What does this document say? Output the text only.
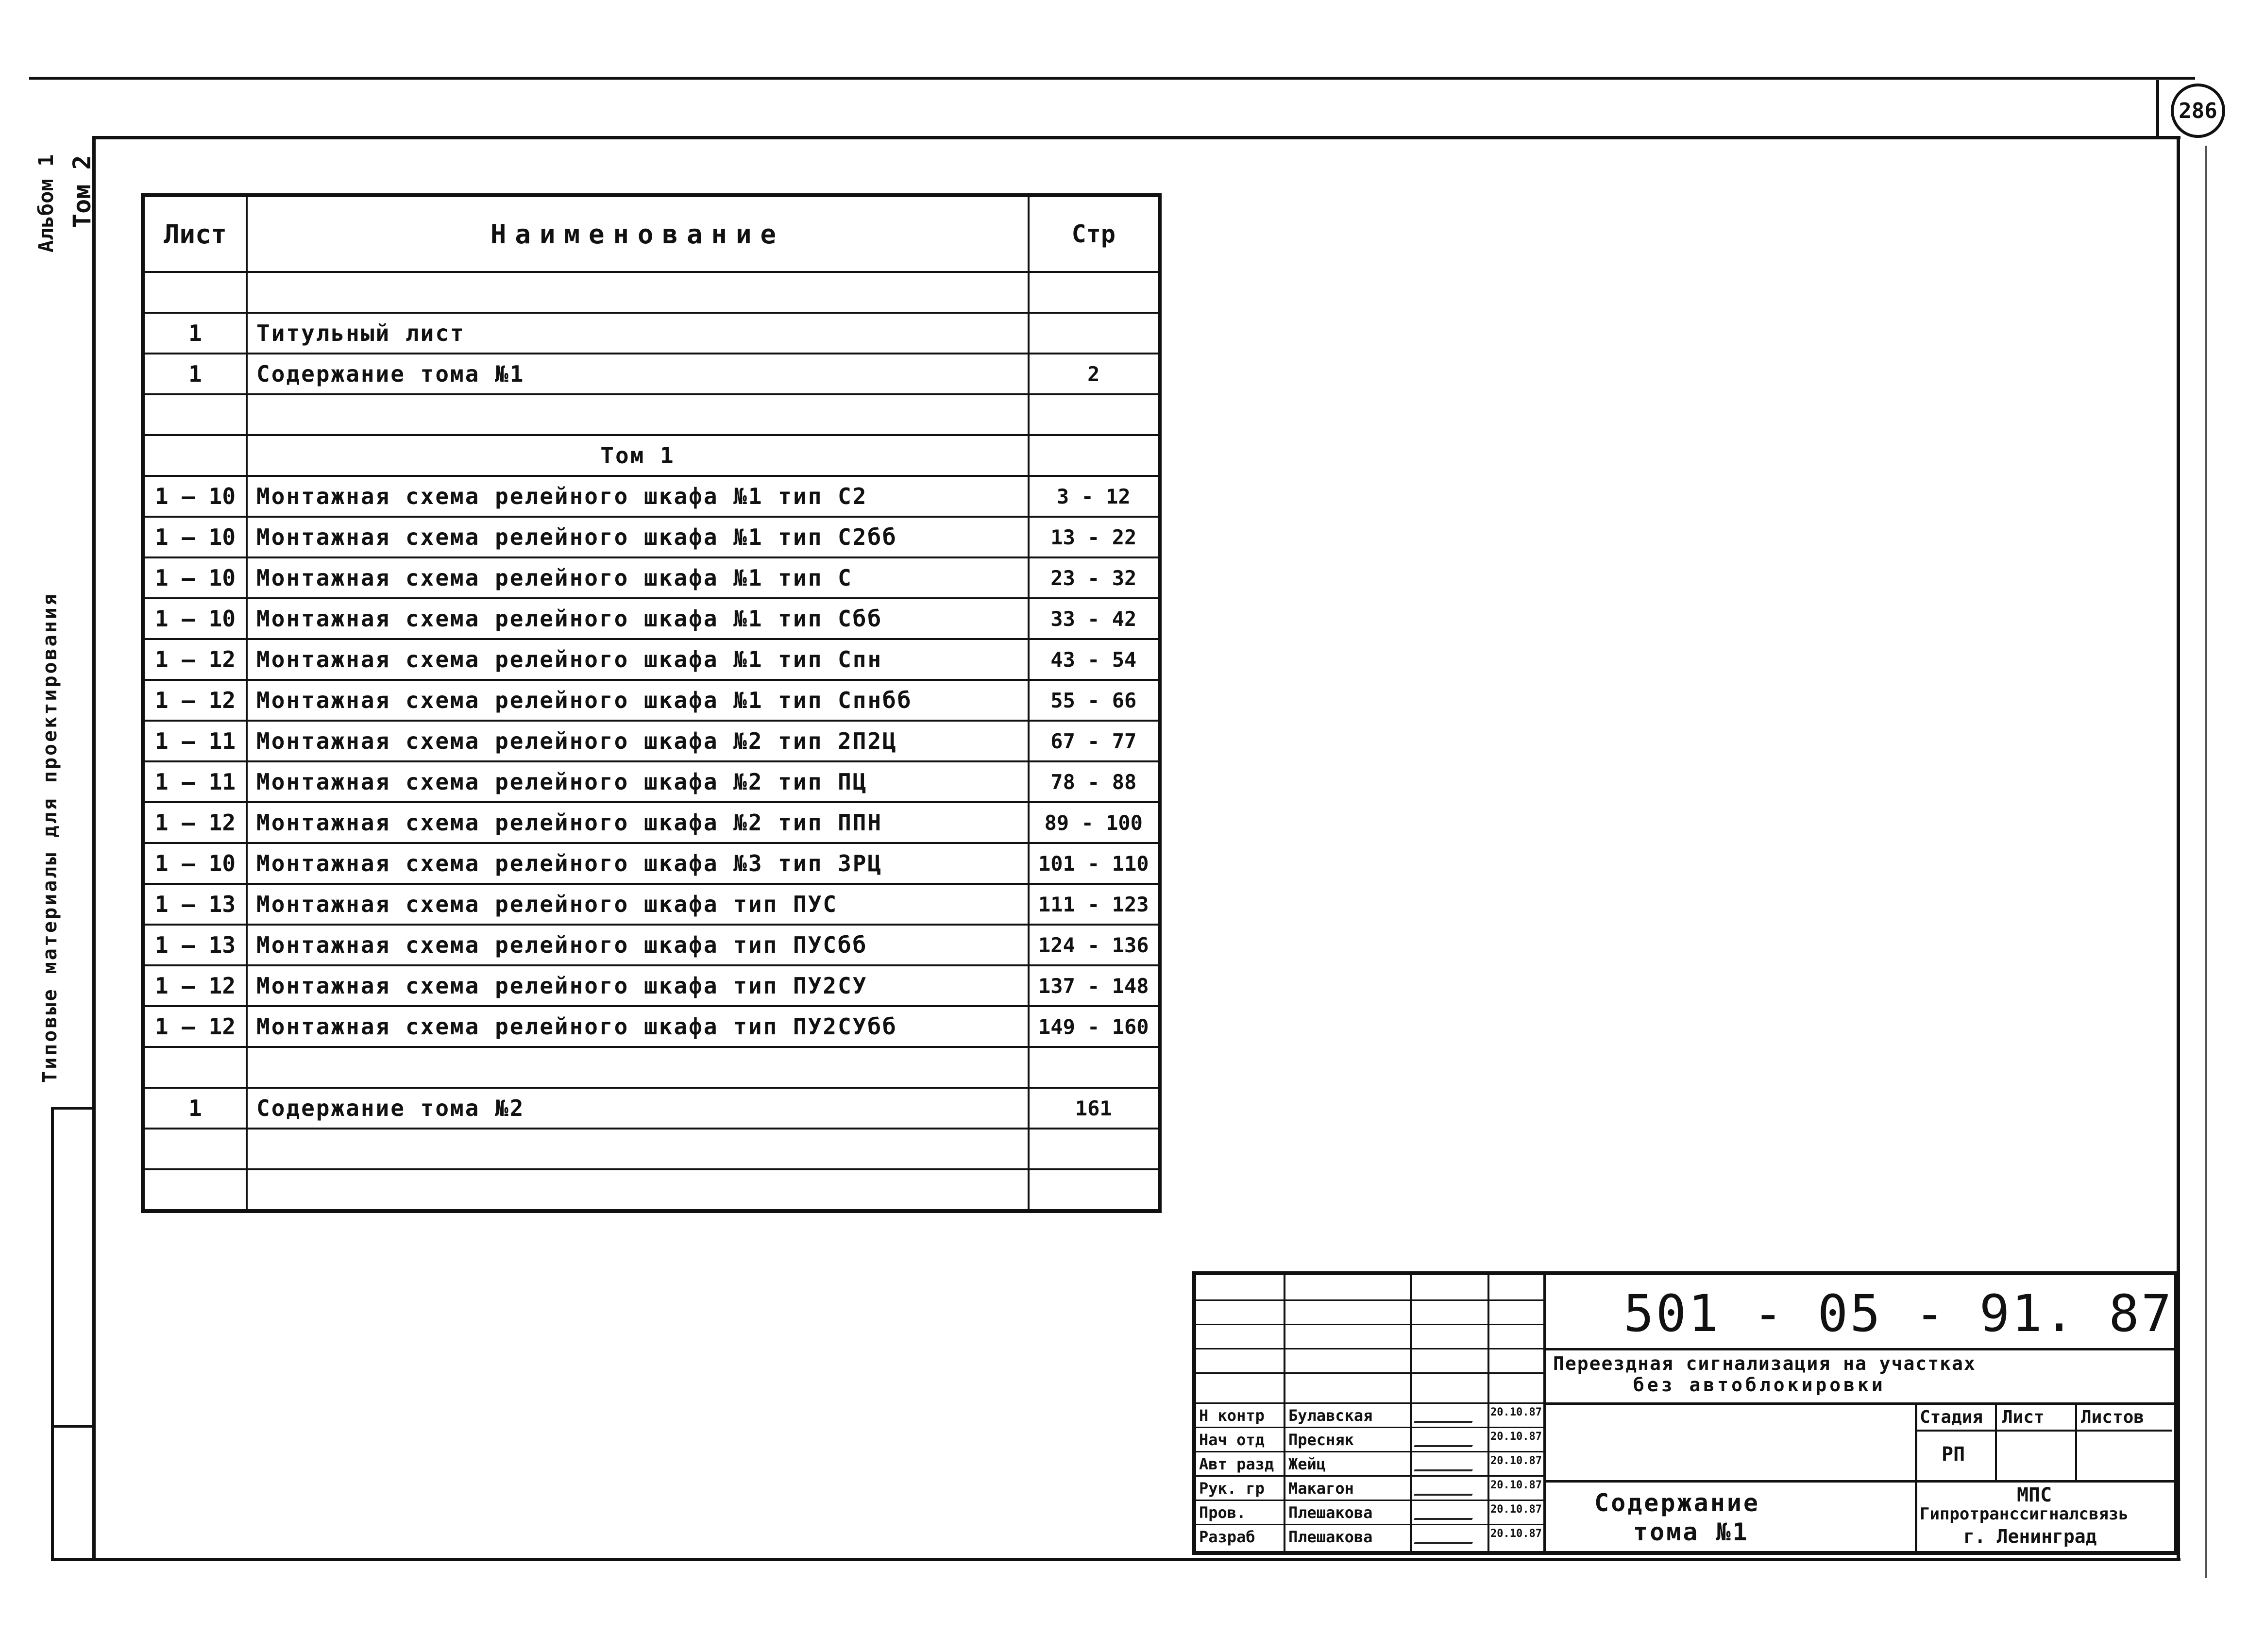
286
Альбом 1 Том 2
Типовые материалы для проектирования
Лист	Наименование	Стр

1	Титульный лист	
1	Содержание тома №1	2

	Том 1	
1 – 10	Монтажная схема релейного шкафа №1 тип С2	3 - 12
1 – 10	Монтажная схема релейного шкафа №1 тип С2бб	13 - 22
1 – 10	Монтажная схема релейного шкафа №1 тип С	23 - 32
1 – 10	Монтажная схема релейного шкафа №1 тип Сбб	33 - 42
1 – 12	Монтажная схема релейного шкафа №1 тип Спн	43 - 54
1 – 12	Монтажная схема релейного шкафа №1 тип Спнбб	55 - 66
1 – 11	Монтажная схема релейного шкафа №2 тип 2П2Ц	67 - 77
1 – 11	Монтажная схема релейного шкафа №2 тип ПЦ	78 - 88
1 – 12	Монтажная схема релейного шкафа №2 тип ППН	89 - 100
1 – 10	Монтажная схема релейного шкафа №3 тип 3РЦ	101 - 110
1 – 13	Монтажная схема релейного шкафа тип ПУС	111 - 123
1 – 13	Монтажная схема релейного шкафа тип ПУСбб	124 - 136
1 – 12	Монтажная схема релейного шкафа тип ПУ2СУ	137 - 148
1 – 12	Монтажная схема релейного шкафа тип ПУ2СУбб	149 - 160

1	Содержание тома №2	161

501 - 05 - 91. 87
Переездная сигнализация на участках
без автоблокировки
Стадия Лист Листов
РП
Содержание
тома №1
МПС
Гипротранссигналсвязь
г. Ленинград
Н контр Булавская	20.10.87
Нач отд Пресняк	20.10.87
Авт разд Жейц	20.10.87
Рук. гр Макагон	20.10.87
Пров.	Плешакова	20.10.87
Разраб Плешакова	20.10.87
